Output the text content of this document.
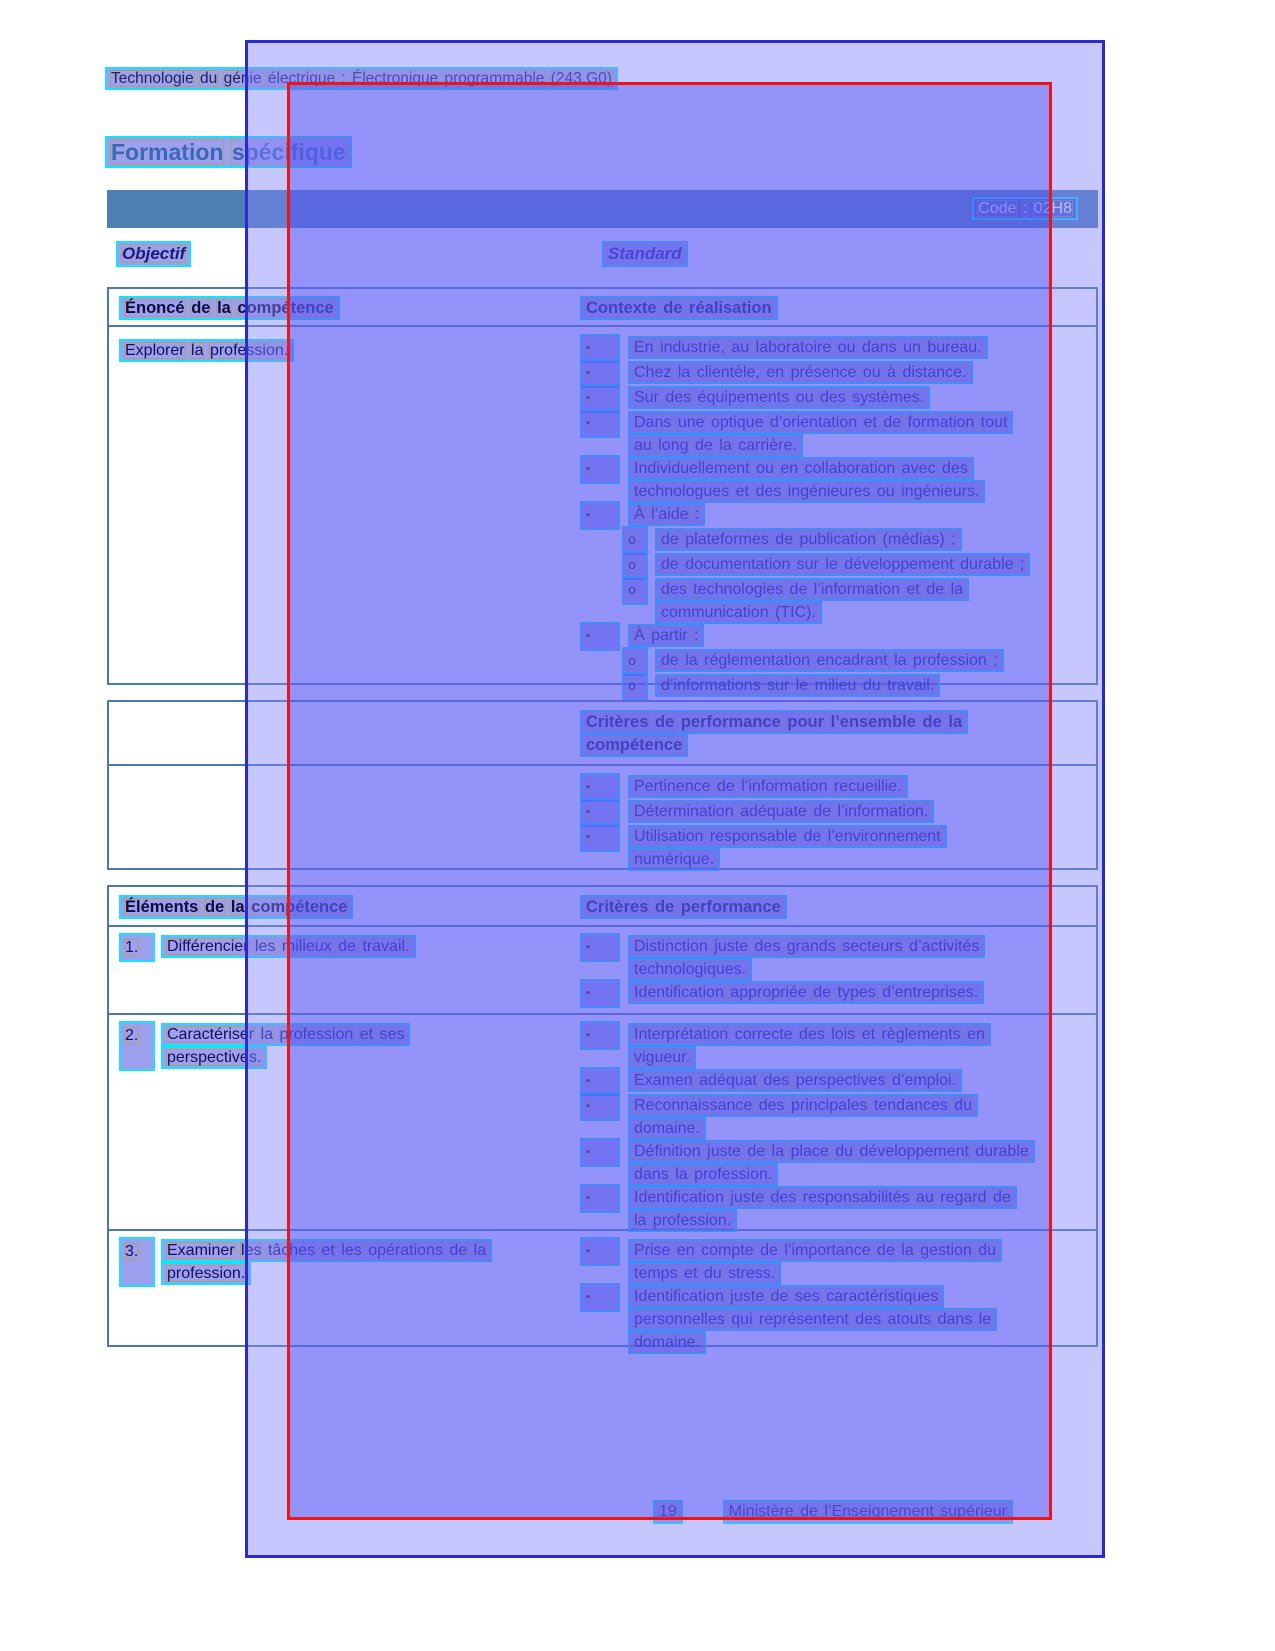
Technologie du génie électrique : Électronique programmable (243.G0)
Formation spécifique
Code : 02H8
Objectif	Standard
Énoncé de la compétence	Contexte de réalisation
Explorer la profession.	▪	En industrie, au laboratoire ou dans un bureau.
▪	Chez la clientèle, en présence ou à distance.
▪	Sur des équipements ou des systèmes.
▪	Dans une optique d’orientation et de formation tout au long de la carrière.
▪	Individuellement ou en collaboration avec des technologues et des ingénieures ou ingénieurs.
▪	À l’aide :
o	de plateformes de publication (médias) ;
o	de documentation sur le développement durable ;
o	des technologies de l’information et de la communication (TIC).
▪	À partir :
o	de la réglementation encadrant la profession ;
o	d’informations sur le milieu du travail.
Critères de performance pour l’ensemble de la compétence
▪	Pertinence de l’information recueillie.
▪	Détermination adéquate de l’information.
▪	Utilisation responsable de l’environnement numérique.
Éléments de la compétence	Critères de performance
1.	Différencier les milieux de travail.	▪	Distinction juste des grands secteurs d’activités technologiques.
▪	Identification appropriée de types d’entreprises.
2.	Caractériser la profession et ses perspectives.
▪	Interprétation correcte des lois et règlements en vigueur.
▪	Examen adéquat des perspectives d’emploi.
▪	Reconnaissance des principales tendances du domaine.
▪	Définition juste de la place du développement durable dans la profession.
▪	Identification juste des responsabilités au regard de la profession.
3.	Examiner les tâches et les opérations de la profession.
▪	Prise en compte de l’importance de la gestion du temps et du stress.
▪	Identification juste de ses caractéristiques personnelles qui représentent des atouts dans le domaine.
19	Ministère de l’Enseignement supérieur
